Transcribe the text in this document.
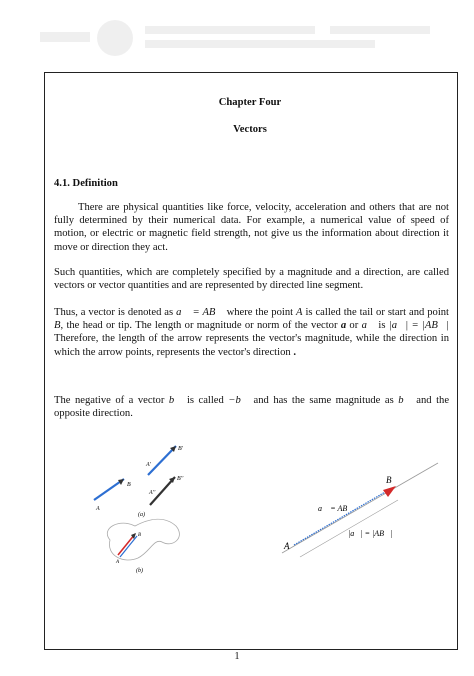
Chapter Four
Vectors
4.1. Definition
There are physical quantities like force, velocity, acceleration and others that are not fully determined by their numerical data. For example, a numerical value of speed of motion, or electric or magnetic field strength, not give us the information about direction it move or direction they act.
Such quantities, which are completely specified by a magnitude and a direction, are called vectors or vector quantities and are represented by directed line segment.
Thus, a vector is denoted as a⃗ = AB⃗ where the point A is called the tail or start and point B, the head or tip. The length or magnitude or norm of the vector a or a⃗ is |a⃗| = |AB⃗| Therefore, the length of the arrow represents the vector's magnitude, while the direction in which the arrow points, represents the vector's direction .
The negative of a vector b⃗ is called −b⃗ and has the same magnitude as b⃗ and the opposite direction.
B'
A'
B''
A''
B
A
(a)
B
A
(b)
A
B
a⃗ = AB⃗
|a⃗| = |AB⃗|
1
